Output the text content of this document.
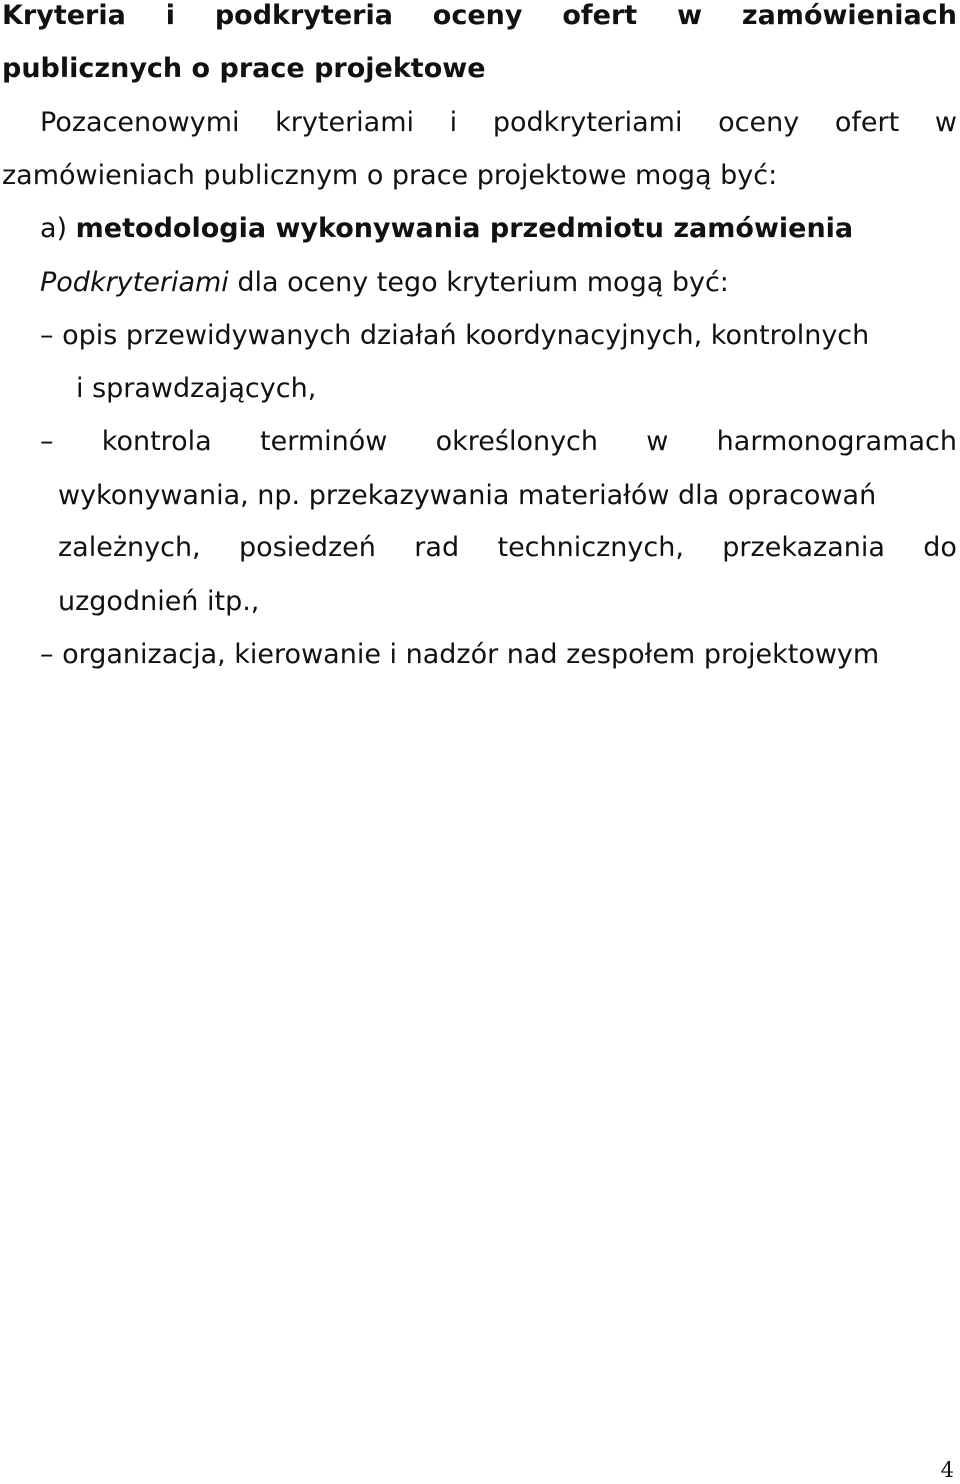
Kryteria i podkryteria oceny ofert w zamówieniach
publicznych o prace projektowe
Pozacenowymi kryteriami i podkryteriami oceny ofert w
zamówieniach publicznym o prace projektowe mogą być:
a) metodologia wykonywania przedmiotu zamówienia
Podkryteriami dla oceny tego kryterium mogą być:
– opis przewidywanych działań koordynacyjnych, kontrolnych
i sprawdzających,
– kontrola terminów określonych w harmonogramach
wykonywania, np. przekazywania materiałów dla opracowań
zależnych, posiedzeń rad technicznych, przekazania do
uzgodnień itp.,
– organizacja, kierowanie i nadzór nad zespołem projektowym
4
